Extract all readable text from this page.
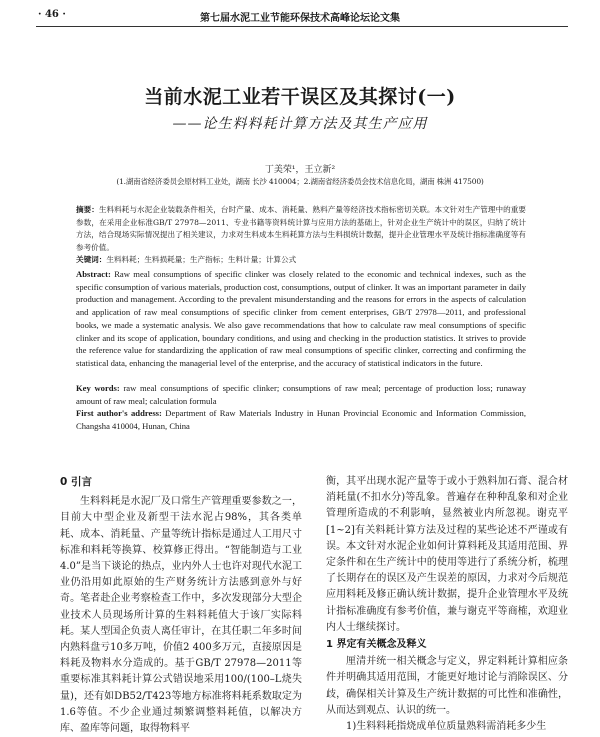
· 46 ·	第七届水泥工业节能环保技术高峰论坛论文集
当前水泥工业若干误区及其探讨(一)
——论生料料耗计算方法及其生产应用
丁美荣¹，王立新²
(1.湖南省经济委员会原材料工业处，湖南 长沙 410004；2.湖南省经济委员会技术信息化局，湖南 株洲 417500)
摘要：生料料耗与水泥企业装载条件相关，台时产量、成本、消耗量、熟料产量等经济技术指标密切关联。本文针对生产管理中的重要参数，在采用企业标准GB/T 27978—2011、专业书籍等资料统计算与应用方法的基础上，针对企业生产统计中的误区，归纳了统计方法，结合现场实际情况提出了相关建议，力求对生料成本生料耗算方法与生料损统计数据，提升企业管理水平及统计指标准确度等有参考价值。
关键词：生料料耗；生料损耗量；生产指标；生料计量；计算公式
Abstract: Raw meal consumptions of specific clinker was closely related to the economic and technical indexes, such as the specific consumption of various materials, production cost, consumptions, output of clinker. It was an important parameter in daily production and management. According to the prevalent misunderstanding and the reasons for errors in the aspects of calculation and application of raw meal consumptions of specific clinker from cement enterprises, GB/T 27978—2011, and professional books, we made a systematic analysis. We also gave recommendations that how to calculate raw meal consumptions of specific clinker and its scope of application, boundary conditions, and using and checking in the production statistics. It strives to provide the reference value for standardizing the application of raw meal consumptions of specific clinker, correcting and confirming the statistical data, enhancing the managerial level of the enterprise, and the accuracy of statistical indicators in the future.
Key words: raw meal consumptions of specific clinker; consumptions of raw meal; percentage of production loss; runaway amount of raw meal; calculation formula
First author's address: Department of Raw Materials Industry in Hunan Provincial Economic and Information Commission, Changsha 410004, Hunan, China
0 引言
生料料耗是水泥厂及口常生产管理重要参数之一，目前大中型企业及新型干法水泥占98%，其各类单耗、成本、消耗量、产量等统计指标是通过人工用尺寸标准和料耗等换算、校算修正得出。“智能制造与工业4.0”是当下谈论的热点，业内外人士也许对现代水泥工业仍沿用如此原始的生产财务统计方法感到意外与好奇。笔者赴企业考察检查工作中，多次发现部分大型企业技术人员现场所计算的生料料耗值大于该厂实际料耗。某人型国企负责人离任审计，在其任职二年多时间内熟料盘亏10多万吨，价值2 400多万元，直接原因是料耗及物料水分造成的。基于GB/T 27978—2011等重要标准其料耗计算公式错误地采用100/(100–L烧失量)，还有如DB52/T423等地方标准将料耗系数取定为1.6等值。不少企业通过频繁调整料耗值，以解决方库、盈库等问题，取得物料平
衡，其平出现水泥产量等于或小于熟料加石膏、混合材消耗量(不扣水分)等乱象。普遍存在种种乱象和对企业管理所造成的不利影响，显然被业内所忽视。谢克平[1~2]有关料耗计算方法及过程的某些论述不严谨或有误。本文针对水泥企业如何计算料耗及其适用范围、界定条件和在生产统计中的使用等进行了系统分析，梳理了长期存在的误区及产生误差的原因，力求对今后规范应用料耗及修正确认统计数据，提升企业管理水平及统计指标准确度有参考价值，兼与谢克平等商榷，欢迎业内人士继续探讨。
1 界定有关概念及释义
厘清并统一相关概念与定义，界定料耗计算相应条件并明确其适用范围，才能更好地讨论与消除误区、分歧，确保相关计算及生产统计数据的可比性和准确性，从而达到观点、认识的统一。
1)生料料耗指烧成单位质量熟料需消耗多少生
